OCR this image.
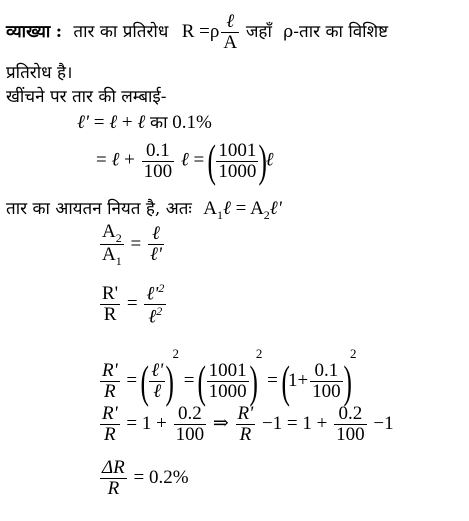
व्याख्या : तार का प्रतिरोध R =ρ ℓ
A
जहाँ ρ-तार का विशिष्ट
प्रतिरोध है।
खींचने पर तार की लम्बाई-
ℓ' = ℓ + ℓ का 0.1%
= ℓ + $\frac{0.1}{100}$ ℓ = ( $\frac{1001}{1000}$ )ℓ
तार का आयतन नियत है, अतः $A_1\ell$ = $A_2\ell'$
$\frac{A_2}{A_1}$ = ℓ
ℓ'
$\frac{R'}{R}$ = $\ell'^2$
ℓ$^2$
$\frac{R'}{R}$ = ( ℓ'
ℓ )$^2$ = ( $\frac{1001}{1000} )^2 = (1+ \frac{0.1}{100} )^2$
$\frac{R'}{R} = 1 + \frac{0.2}{100}$ ⇒ $\frac{R'}{R} -1 = 1 + \frac{0.2}{100} -1$
$\frac{\Delta R}{R} = 0.2\%$
